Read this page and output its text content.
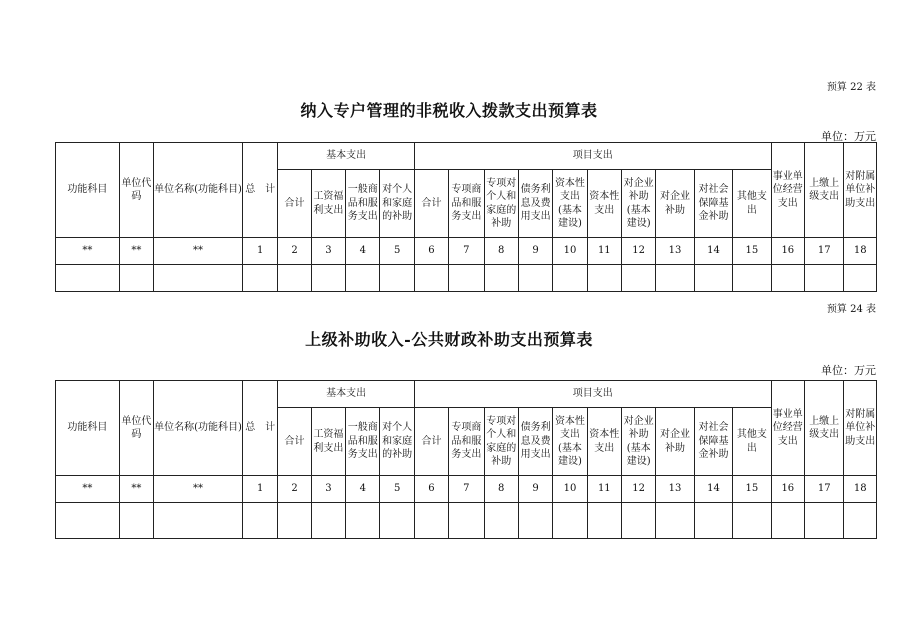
预算 22 表
纳入专户管理的非税收入拨款支出预算表
单位：万元
功能科目	单位代码	单位名称(功能科目)	总　计	基本支出				项目支出										事业单位经营支出	上缴上级支出	对附属单位补助支出
				合计	工资福利支出	一般商品和服务支出	对个人和家庭的补助	合计	专项商品和服务支出	专项对个人和家庭的补助	债务利息及费用支出	资本性支出(基本建设)	资本性支出	对企业补助(基本建设)	对企业补助	对社会保障基金补助	其他支出			
**	**	**	1	2	3	4	5	6	7	8	9	10	11	12	13	14	15	16	17	18

预算 24 表
上级补助收入-公共财政补助支出预算表
单位：万元
功能科目	单位代码	单位名称(功能科目)	总　计	基本支出				项目支出										事业单位经营支出	上缴上级支出	对附属单位补助支出
				合计	工资福利支出	一般商品和服务支出	对个人和家庭的补助	合计	专项商品和服务支出	专项对个人和家庭的补助	债务利息及费用支出	资本性支出(基本建设)	资本性支出	对企业补助(基本建设)	对企业补助	对社会保障基金补助	其他支出			
**	**	**	1	2	3	4	5	6	7	8	9	10	11	12	13	14	15	16	17	18
